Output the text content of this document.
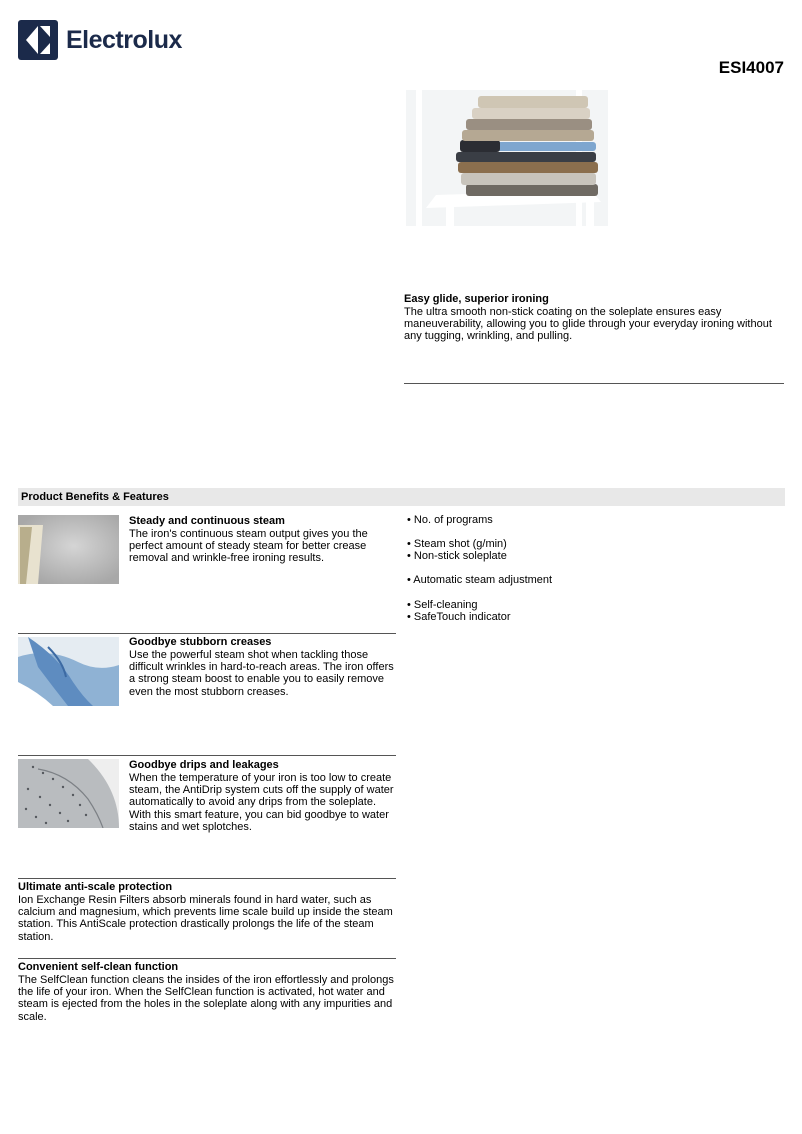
Electrolux
ESI4007
Easy glide, superior ironing
The ultra smooth non-stick coating on the soleplate ensures easy maneuverability, allowing you to glide through your everyday ironing without any tugging, wrinkling, and pulling.
Product Benefits & Features
Steady and continuous steam
The iron's continuous steam output gives you the perfect amount of steady steam for better crease removal and wrinkle-free ironing results.
Goodbye stubborn creases
Use the powerful steam shot when tackling those difficult wrinkles in hard-to-reach areas. The iron offers a strong steam boost to enable you to easily remove even the most stubborn creases.
Goodbye drips and leakages
When the temperature of your iron is too low to create steam, the AntiDrip system cuts off the supply of water automatically to avoid any drips from the soleplate. With this smart feature, you can bid goodbye to water stains and wet splotches.
Ultimate anti-scale protection
Ion Exchange Resin Filters absorb minerals found in hard water, such as calcium and magnesium, which prevents lime scale build up inside the steam station. This AntiScale protection drastically prolongs the life of the steam station.
Convenient self-clean function
The SelfClean function cleans the insides of the iron effortlessly and prolongs the life of your iron. When the SelfClean function is activated, hot water and steam is ejected from the holes in the soleplate along with any impurities and scale.
• No. of programs
• Steam shot (g/min)
• Non-stick soleplate
• Automatic steam adjustment
• Self-cleaning
• SafeTouch indicator
